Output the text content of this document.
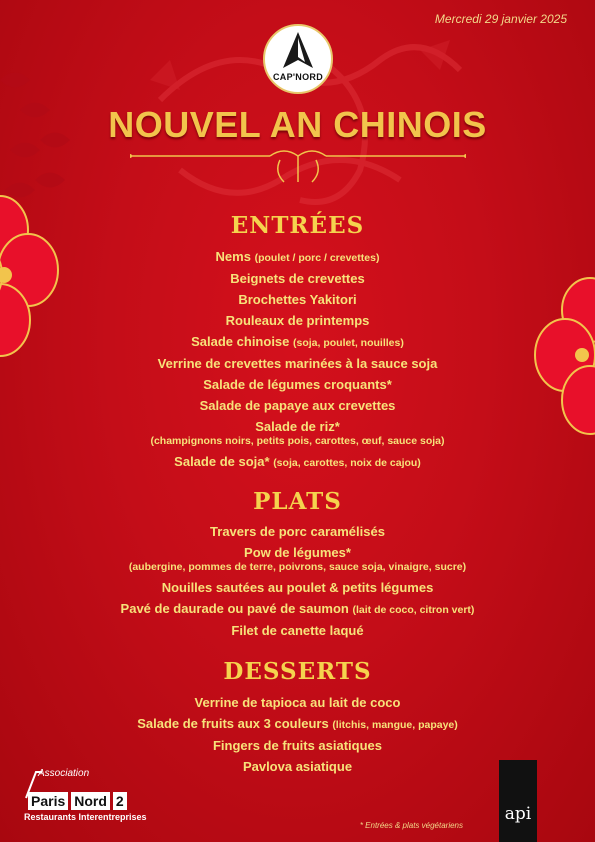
Mercredi 29 janvier 2025
CAP'NORD
NOUVEL AN CHINOIS
ENTRÉES
Nems (poulet / porc / crevettes)
Beignets de crevettes
Brochettes Yakitori
Rouleaux de printemps
Salade chinoise (soja, poulet, nouilles)
Verrine de crevettes marinées à la sauce soja
Salade de légumes croquants*
Salade de papaye aux crevettes
Salade de riz*
(champignons noirs, petits pois, carottes, œuf, sauce soja)
Salade de soja* (soja, carottes, noix de cajou)
PLATS
Travers de porc caramélisés
Pow de légumes*
(aubergine, pommes de terre, poivrons, sauce soja, vinaigre, sucre)
Nouilles sautées au poulet & petits légumes
Pavé de daurade ou pavé de saumon (lait de coco, citron vert)
Filet de canette laqué
DESSERTS
Verrine de tapioca au lait de coco
Salade de fruits aux 3 couleurs (litchis, mangue, papaye)
Fingers de fruits asiatiques
Pavlova asiatique
Association
Paris Nord 2
Restaurants Interentreprises
* Entrées & plats végétariens
api
